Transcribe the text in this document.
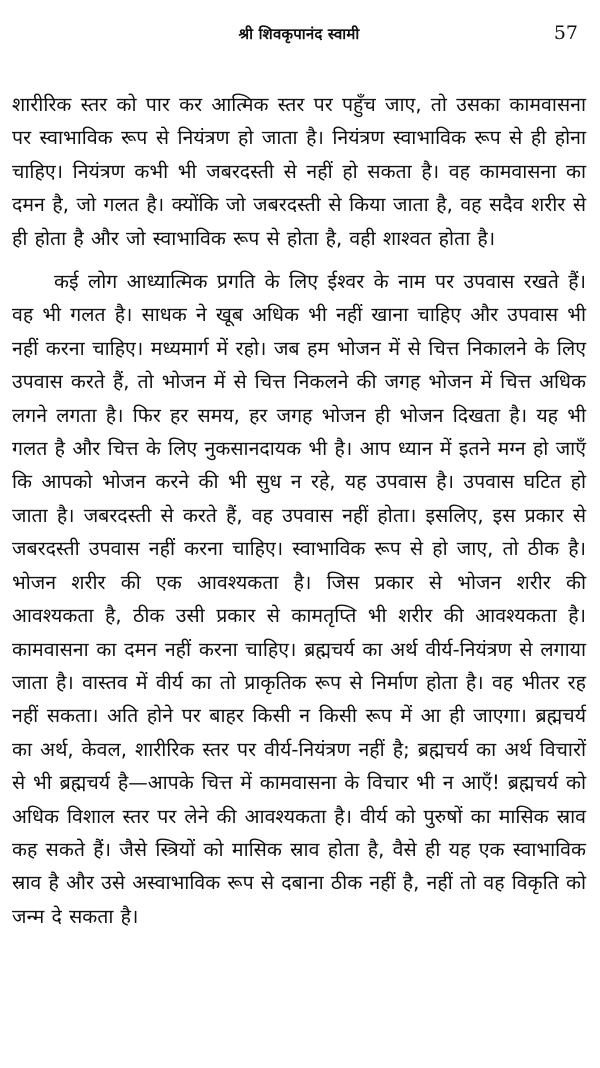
श्री शिवकृपानंद स्वामी	57

शारीरिक स्तर को पार कर आत्मिक स्तर पर पहुँच जाए, तो उसका कामवासना पर स्वाभाविक रूप से नियंत्रण हो जाता है। नियंत्रण स्वाभाविक रूप से ही होना चाहिए। नियंत्रण कभी भी जबरदस्ती से नहीं हो सकता है। वह कामवासना का दमन है, जो गलत है। क्योंकि जो जबरदस्ती से किया जाता है, वह सदैव शरीर से ही होता है और जो स्वाभाविक रूप से होता है, वही शाश्वत होता है।

कई लोग आध्यात्मिक प्रगति के लिए ईश्वर के नाम पर उपवास रखते हैं। वह भी गलत है। साधक ने खूब अधिक भी नहीं खाना चाहिए और उपवास भी नहीं करना चाहिए। मध्यमार्ग में रहो। जब हम भोजन में से चित्त निकालने के लिए उपवास करते हैं, तो भोजन में से चित्त निकलने की जगह भोजन में चित्त अधिक लगने लगता है। फिर हर समय, हर जगह भोजन ही भोजन दिखता है। यह भी गलत है और चित्त के लिए नुकसानदायक भी है। आप ध्यान में इतने मग्न हो जाएँ कि आपको भोजन करने की भी सुध न रहे, यह उपवास है। उपवास घटित हो जाता है। जबरदस्ती से करते हैं, वह उपवास नहीं होता। इसलिए, इस प्रकार से जबरदस्ती उपवास नहीं करना चाहिए। स्वाभाविक रूप से हो जाए, तो ठीक है। भोजन शरीर की एक आवश्यकता है। जिस प्रकार से भोजन शरीर की आवश्यकता है, ठीक उसी प्रकार से कामतृप्ति भी शरीर की आवश्यकता है। कामवासना का दमन नहीं करना चाहिए। ब्रह्मचर्य का अर्थ वीर्य-नियंत्रण से लगाया जाता है। वास्तव में वीर्य का तो प्राकृतिक रूप से निर्माण होता है। वह भीतर रह नहीं सकता। अति होने पर बाहर किसी न किसी रूप में आ ही जाएगा। ब्रह्मचर्य का अर्थ, केवल, शारीरिक स्तर पर वीर्य-नियंत्रण नहीं है; ब्रह्मचर्य का अर्थ विचारों से भी ब्रह्मचर्य है—आपके चित्त में कामवासना के विचार भी न आएँ! ब्रह्मचर्य को अधिक विशाल स्तर पर लेने की आवश्यकता है। वीर्य को पुरुषों का मासिक स्राव कह सकते हैं। जैसे स्त्रियों को मासिक स्राव होता है, वैसे ही यह एक स्वाभाविक स्राव है और उसे अस्वाभाविक रूप से दबाना ठीक नहीं है, नहीं तो वह विकृति को जन्म दे सकता है।
